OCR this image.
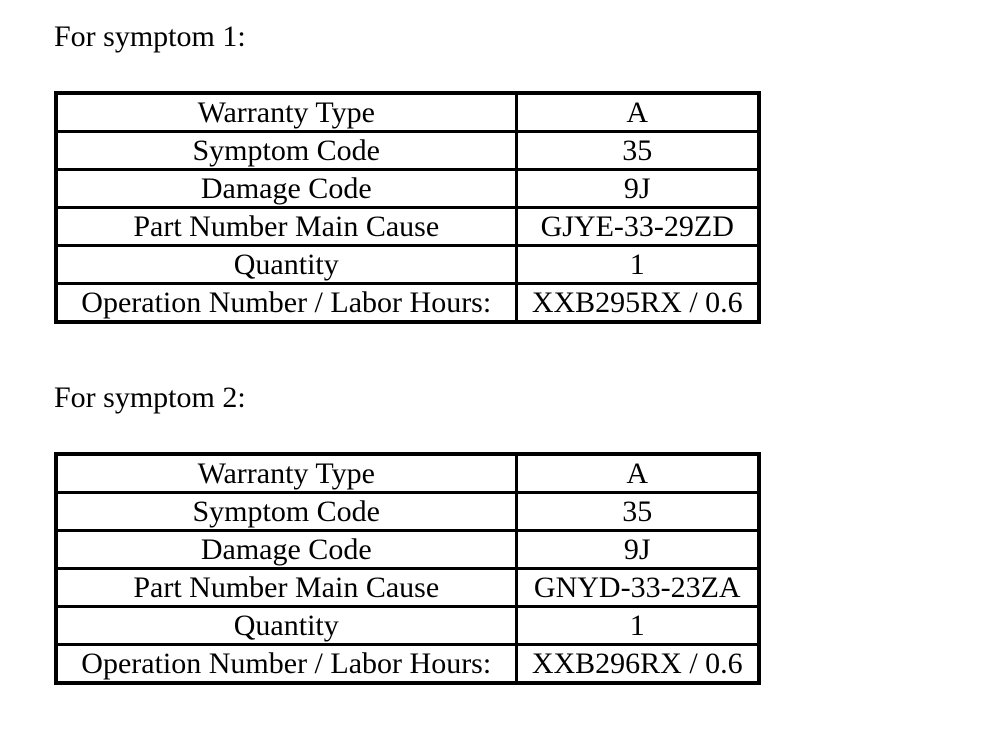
For symptom 1:
Warranty Type	A
Symptom Code	35
Damage Code	9J
Part Number Main Cause	GJYE-33-29ZD
Quantity	1
Operation Number / Labor Hours:	XXB295RX / 0.6
For symptom 2:
Warranty Type	A
Symptom Code	35
Damage Code	9J
Part Number Main Cause	GNYD-33-23ZA
Quantity	1
Operation Number / Labor Hours:	XXB296RX / 0.6
